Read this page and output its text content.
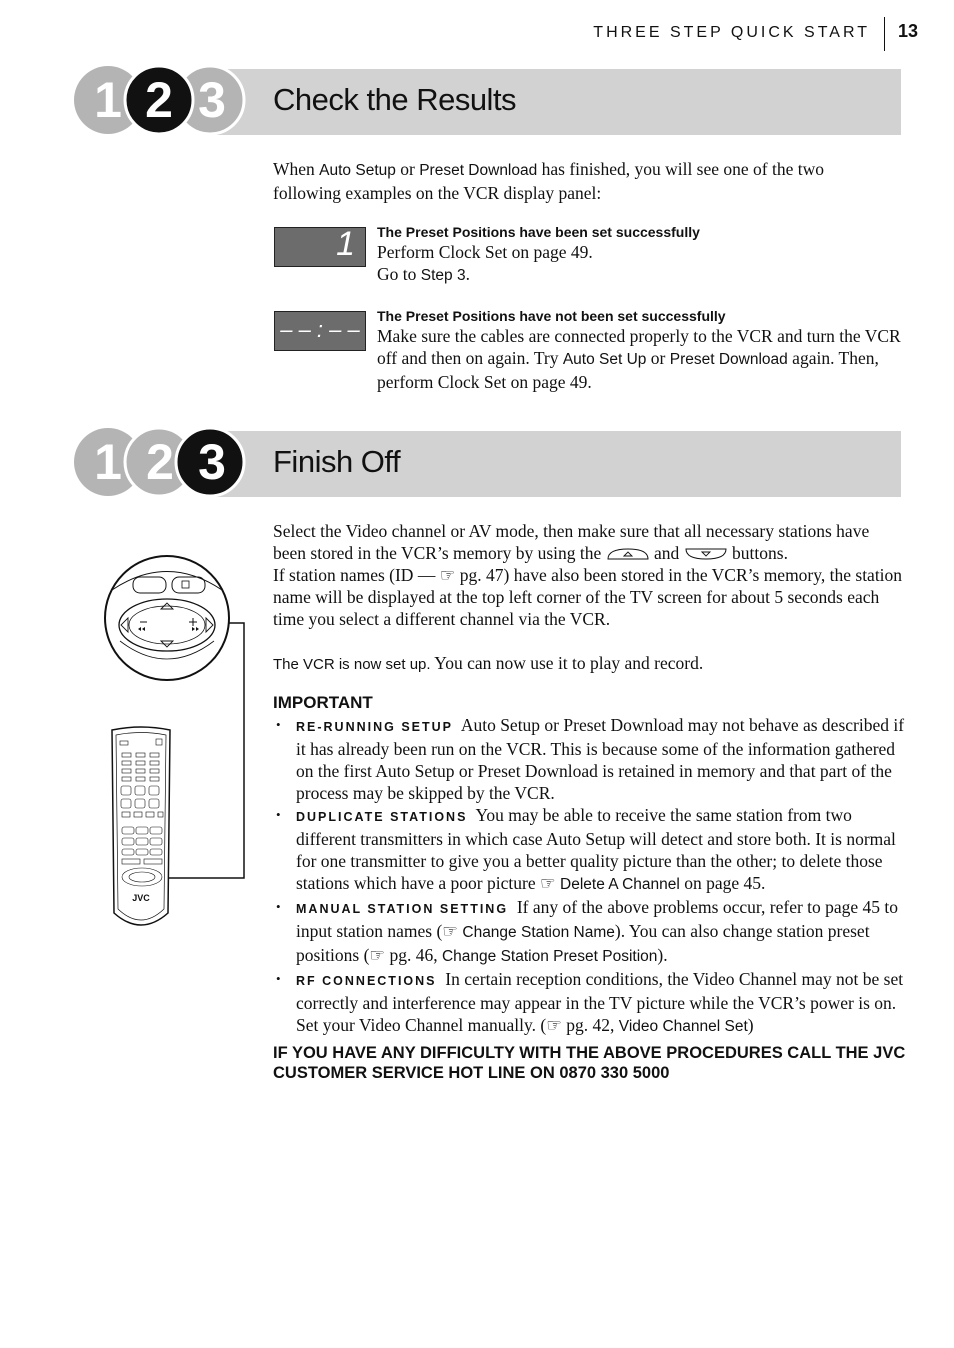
THREE STEP QUICK START 13
Check the Results
1 2 3
When Auto Setup or Preset Download has finished, you will see one of the two following examples on the VCR display panel:
1 The Preset Positions have been set successfully
Perform Clock Set on page 49.
Go to Step 3.
– – : – –
The Preset Positions have not been set successfully
Make sure the cables are connected properly to the VCR and turn the VCR off and then on again. Try Auto Set Up or Preset Download again. Then, perform Clock Set on page 49.
Finish Off
1 2 3
JVC
Select the Video channel or AV mode, then make sure that all necessary stations have been stored in the VCR’s memory by using the	and	buttons.
If station names (ID — ☞ pg. 47) have also been stored in the VCR’s memory, the station name will be displayed at the top left corner of the TV screen for about 5 seconds each time you select a different channel via the VCR.
The VCR is now set up. You can now use it to play and record.
IMPORTANT
• RE-RUNNING SETUP Auto Setup or Preset Download may not behave as described if it has already been run on the VCR. This is because some of the information gathered on the first Auto Setup or Preset Download is retained in memory and that part of the process may be skipped by the VCR.
• DUPLICATE STATIONS You may be able to receive the same station from two different transmitters in which case Auto Setup will detect and store both. It is normal for one transmitter to give you a better quality picture than the other; to delete those stations which have a poor picture ☞ Delete A Channel on page 45.
• MANUAL STATION SETTING If any of the above problems occur, refer to page 45 to input station names (☞ Change Station Name). You can also change station preset positions (☞ pg. 46, Change Station Preset Position).
• RF CONNECTIONS In certain reception conditions, the Video Channel may not be set correctly and interference may appear in the TV picture while the VCR’s power is on. Set your Video Channel manually. (☞ pg. 42, Video Channel Set)
IF YOU HAVE ANY DIFFICULTY WITH THE ABOVE PROCEDURES CALL THE JVC CUSTOMER SERVICE HOT LINE ON 0870 330 5000
